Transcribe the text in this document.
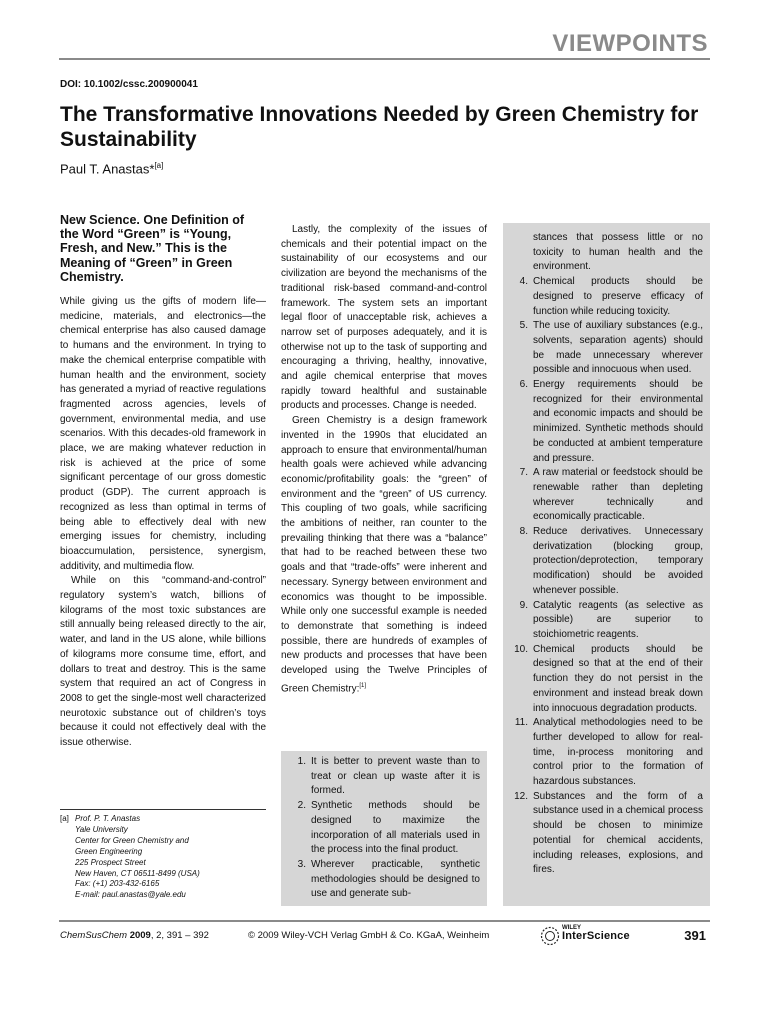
VIEWPOINTS
DOI: 10.1002/cssc.200900041
The Transformative Innovations Needed by Green Chemistry for Sustainability
Paul T. Anastas*[a]
New Science. One Definition of the Word “Green” is “Young, Fresh, and New.” This is the Meaning of “Green” in Green Chemistry.

While giving us the gifts of modern life—medicine, materials, and electronics—the chemical enterprise has also caused damage to humans and the environment. In trying to make the chemical enterprise compatible with human health and the environment, society has generated a myriad of reactive regulations fragmented across agencies, levels of government, environmental media, and use scenarios. With this decades-old framework in place, we are making whatever reduction in risk is achieved at the price of some significant percentage of our gross domestic product (GDP). The current approach is recognized as less than optimal in terms of being able to effectively deal with new emerging issues for chemistry, including bioaccumulation, persistence, synergism, additivity, and multimedia flow.

While on this “command-and-control” regulatory system’s watch, billions of kilograms of the most toxic substances are still annually being released directly to the air, water, and land in the US alone, while billions of kilograms more consume time, effort, and dollars to treat and destroy. This is the same system that required an act of Congress in 2008 to get the single-most well characterized neurotoxic substance out of children’s toys because it could not effectively deal with the issue otherwise.

Lastly, the complexity of the issues of chemicals and their potential impact on the sustainability of our ecosystems and our civilization are beyond the mechanisms of the traditional risk-based command-and-control framework. The system sets an important legal floor of unacceptable risk, achieves a narrow set of purposes adequately, and it is otherwise not up to the task of supporting and encouraging a thriving, healthy, innovative, and agile chemical enterprise that moves rapidly toward healthful and sustainable products and processes. Change is needed.

Green Chemistry is a design framework invented in the 1990s that elucidated an approach to ensure that environmental/human health goals were achieved while advancing economic/profitability goals: the “green” of environment and the “green” of US currency. This coupling of two goals, while sacrificing the ambitions of neither, ran counter to the prevailing thinking that there was a “balance” that had to be reached between these two goals and that “trade-offs” were inherent and necessary. Synergy between environment and economics was thought to be impossible. While only one successful example is needed to demonstrate that something is indeed possible, there are hundreds of examples of new products and processes that have been developed using the Twelve Principles of Green Chemistry:[1]

1. It is better to prevent waste than to treat or clean up waste after it is formed.
2. Synthetic methods should be designed to maximize the incorporation of all materials used in the process into the final product.
3. Wherever practicable, synthetic methodologies should be designed to use and generate sub-
stances that possess little or no toxicity to human health and the environment.
4. Chemical products should be designed to preserve efficacy of function while reducing toxicity.
5. The use of auxiliary substances (e.g., solvents, separation agents) should be made unnecessary wherever possible and innocuous when used.
6. Energy requirements should be recognized for their environmental and economic impacts and should be minimized. Synthetic methods should be conducted at ambient temperature and pressure.
7. A raw material or feedstock should be renewable rather than depleting wherever technically and economically practicable.
8. Reduce derivatives. Unnecessary derivatization (blocking group, protection/deprotection, temporary modification) should be avoided whenever possible.
9. Catalytic reagents (as selective as possible) are superior to stoichiometric reagents.
10. Chemical products should be designed so that at the end of their function they do not persist in the environment and instead break down into innocuous degradation products.
11. Analytical methodologies need to be further developed to allow for real-time, in-process monitoring and control prior to the formation of hazardous substances.
12. Substances and the form of a substance used in a chemical process should be chosen to minimize potential for chemical accidents, including releases, explosions, and fires.
[a] Prof. P. T. Anastas
Yale University
Center for Green Chemistry and
Green Engineering
225 Prospect Street
New Haven, CT 06511-8499 (USA)
Fax: (+1) 203-432-6165
E-mail: paul.anastas@yale.edu
ChemSusChem 2009, 2, 391 – 392	© 2009 Wiley-VCH Verlag GmbH & Co. KGaA, Weinheim
WILEY
InterScience	391
